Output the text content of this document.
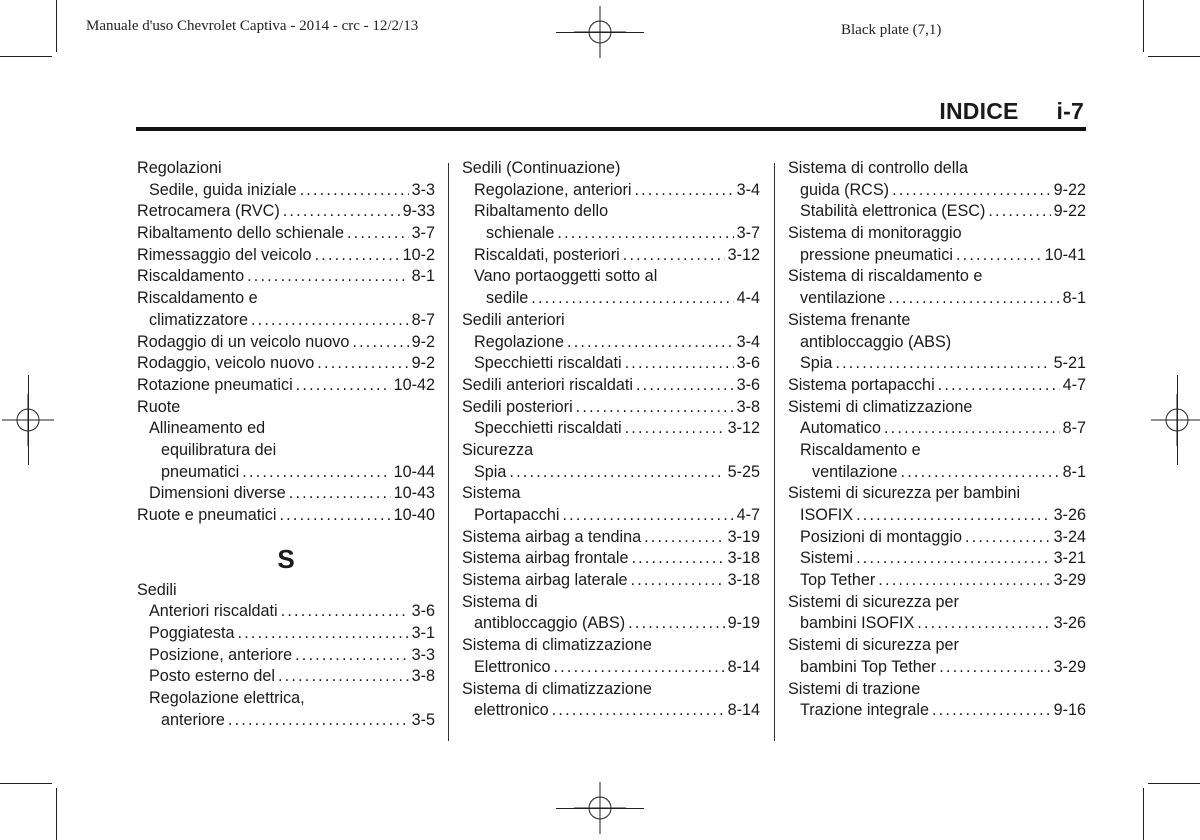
Manuale d'uso Chevrolet Captiva - 2014 - crc - 12/2/13	Black plate (7,1)
INDICE i-7
Regolazioni
Sedile, guida iniziale .....	3-3
Retrocamera (RVC) .....	9-33
Ribaltamento dello schienale .....	3-7
Rimessaggio del veicolo .....	10-2
Riscaldamento .....	8-1
Riscaldamento e
climatizzatore .....	8-7
Rodaggio di un veicolo nuovo .....	9-2
Rodaggio, veicolo nuovo .....	9-2
Rotazione pneumatici .....	10-42
Ruote
Allineamento ed
equilibratura dei
pneumatici .....	10-44
Dimensioni diverse .....	10-43
Ruote e pneumatici .....	10-40
S
Sedili
Anteriori riscaldati .....	3-6
Poggiatesta .....	3-1
Posizione, anteriore .....	3-3
Posto esterno del .....	3-8
Regolazione elettrica,
anteriore .....	3-5
Sedili (Continuazione)
Regolazione, anteriori .....	3-4
Ribaltamento dello
schienale .....	3-7
Riscaldati, posteriori .....	3-12
Vano portaoggetti sotto al
sedile .....	4-4
Sedili anteriori
Regolazione .....	3-4
Specchietti riscaldati .....	3-6
Sedili anteriori riscaldati .....	3-6
Sedili posteriori .....	3-8
Specchietti riscaldati .....	3-12
Sicurezza
Spia .....	5-25
Sistema
Portapacchi .....	4-7
Sistema airbag a tendina .....	3-19
Sistema airbag frontale .....	3-18
Sistema airbag laterale .....	3-18
Sistema di
antibloccaggio (ABS) .....	9-19
Sistema di climatizzazione
Elettronico .....	8-14
Sistema di climatizzazione
elettronico .....	8-14
Sistema di controllo della
guida (RCS) .....	9-22
Stabilità elettronica (ESC) .....	9-22
Sistema di monitoraggio
pressione pneumatici .....	10-41
Sistema di riscaldamento e
ventilazione .....	8-1
Sistema frenante
antibloccaggio (ABS)
Spia .....	5-21
Sistema portapacchi .....	4-7
Sistemi di climatizzazione
Automatico .....	8-7
Riscaldamento e
ventilazione .....	8-1
Sistemi di sicurezza per bambini
ISOFIX .....	3-26
Posizioni di montaggio .....	3-24
Sistemi .....	3-21
Top Tether .....	3-29
Sistemi di sicurezza per
bambini ISOFIX .....	3-26
Sistemi di sicurezza per
bambini Top Tether .....	3-29
Sistemi di trazione
Trazione integrale .....	9-16
